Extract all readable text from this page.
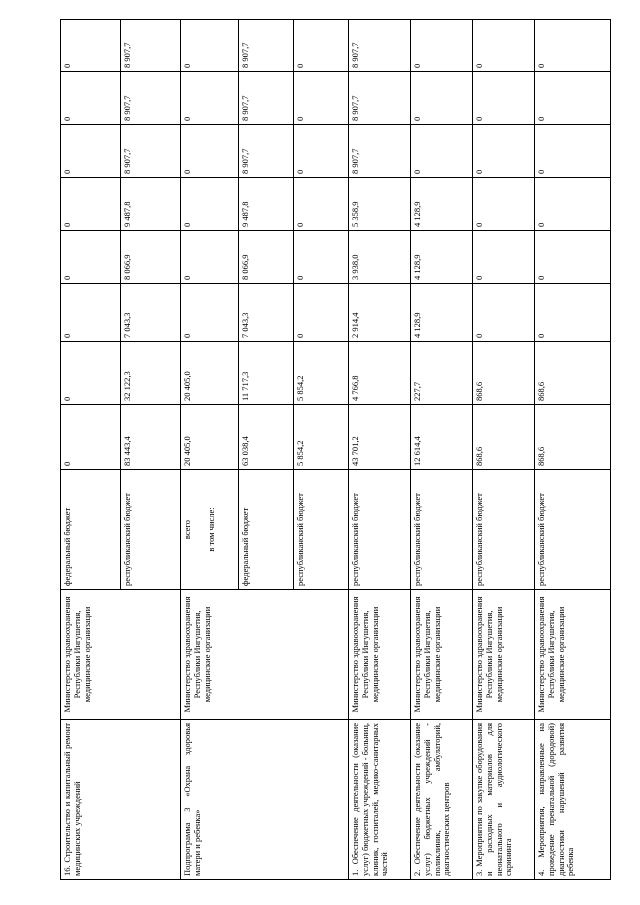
16. Строительство и капитальный ремонт медицинских учреждений	Министерство здравоохранения Республики Ингушетия, медицинские организации	федеральный бюджет	0	0	0	0	0	0	0	0
		республиканский бюджет	83 443,4	32 122,3	7 043,3	8 066,9	9 487,8	8 907,7	8 907,7	8 907,7
Подпрограмма 3 «Охрана здоровья матери и ребенка»	Министерство здравоохранения Республики Ингушетия, медицинские организации	всего в том числе:	20 405,0	20 405,0	0	0	0	0	0	0
		федеральный бюджет	63 038,4	11 717,3	7 043,3	8 066,9	9 487,8	8 907,7	8 907,7	8 907,7
		республиканский бюджет	5 854,2	5 854,2	0	0	0	0	0	0
1. Обеспечение деятельности (оказание услуг) бюджетных учреждений - больниц, клиник, госпиталей, медико-санитарных частей	Министерство здравоохранения Республики Ингушетия, медицинские организации	республиканский бюджет	43 701,2	4 766,8	2 914,4	3 938,0	5 358,9	8 907,7	8 907,7	8 907,7
2. Обеспечение деятельности (оказание услуг) бюджетных учреждений - поликлиник, амбулаторий, диагностических центров	Министерство здравоохранения Республики Ингушетия, медицинские организации	республиканский бюджет	12 614,4	227,7	4 128,9	4 128,9	4 128,9	0	0	0
3. Мероприятия по закупке оборудования и расходных материалов для неонатального и аудиологического скрининга	Министерство здравоохранения Республики Ингушетия, медицинские организации	республиканский бюджет	868,6	868,6	0	0	0	0	0	0
4. Мероприятия, направленные на проведение пренатальной (дородовой) диагностики нарушений развития ребенка	Министерство здравоохранения Республики Ингушетия, медицинские организации	республиканский бюджет	868,6	868,6	0	0	0	0	0	0
